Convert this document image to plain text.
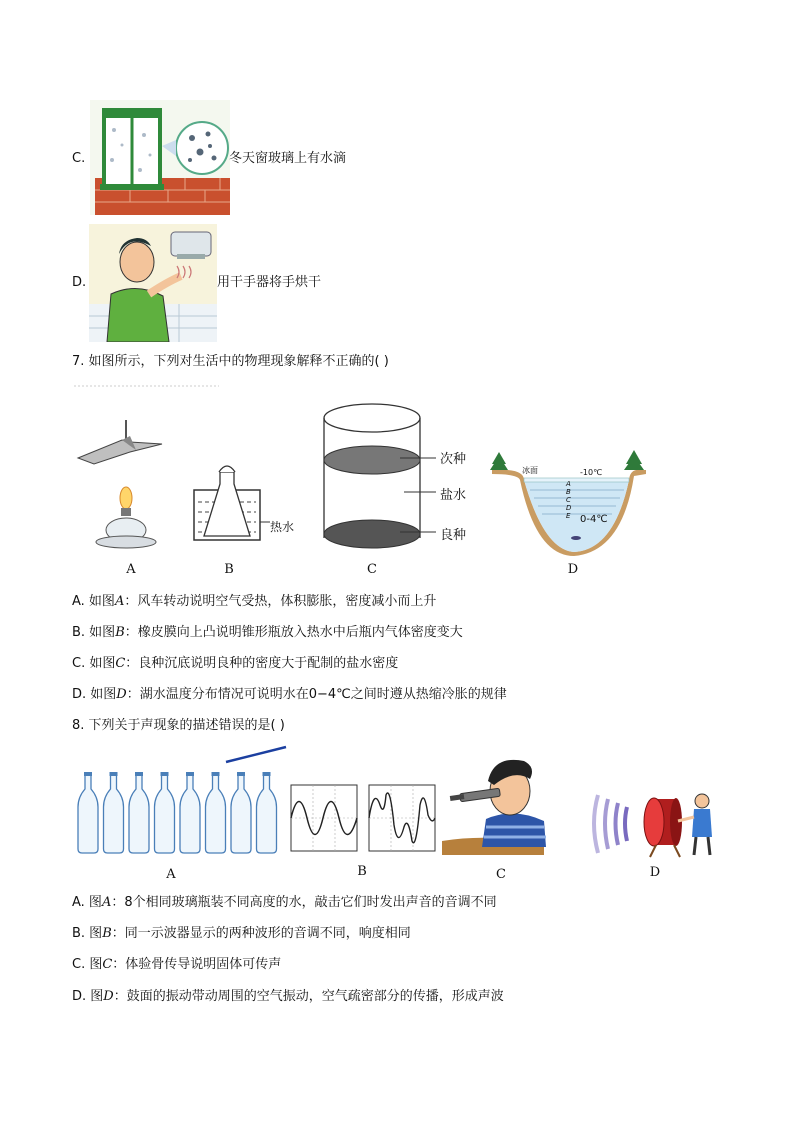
C.	冬天窗玻璃上有水滴
D.	用干手器将手烘干
7. 如图所示，下列对生活中的物理现象解释不正确的( )
热水
次种
盐水
良种
冰面	-10℃
A B C D E 0-4℃
A	B	C	D
A. 如图A：风车转动说明空气受热，体积膨胀，密度减小而上升
B. 如图B：橡皮膜向上凸说明锥形瓶放入热水中后瓶内气体密度变大
C. 如图C：良种沉底说明良种的密度大于配制的盐水密度
D. 如图D：湖水温度分布情况可说明水在0−4℃之间时遵从热缩冷胀的规律
8. 下列关于声现象的描述错误的是( )
A	B	C	D
A. 图A：8个相同玻璃瓶装不同高度的水，敲击它们时发出声音的音调不同
B. 图B：同一示波器显示的两种波形的音调不同，响度相同
C. 图C：体验骨传导说明固体可传声
D. 图D：鼓面的振动带动周围的空气振动，空气疏密部分的传播，形成声波
